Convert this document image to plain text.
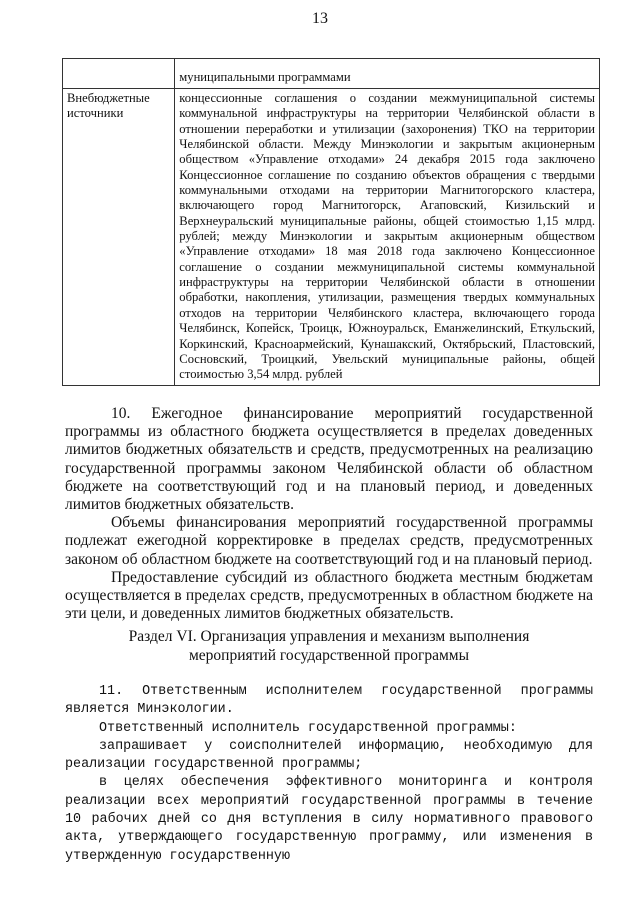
13

	муниципальными программами

Внебюджетные источники	концессионные соглашения о создании межмуниципальной системы коммунальной инфраструктуры на территории Челябинской области в отношении переработки и утилизации (захоронения) ТКО на территории Челябинской области. Между Минэкологии и закрытым акционерным обществом «Управление отходами» 24 декабря 2015 года заключено Концессионное соглашение по созданию объектов обращения с твердыми коммунальными отходами на территории Магнитогорского кластера, включающего город Магнитогорск, Агаповский, Кизильский и Верхнеуральский муниципальные районы, общей стоимостью 1,15 млрд. рублей; между Минэкологии и закрытым акционерным обществом «Управление отходами» 18 мая 2018 года заключено Концессионное соглашение о создании межмуниципальной системы коммунальной инфраструктуры на территории Челябинской области в отношении обработки, накопления, утилизации, размещения твердых коммунальных отходов на территории Челябинского кластера, включающего города Челябинск, Копейск, Троицк, Южноуральск, Еманжелинский, Еткульский, Коркинский, Красноармейский, Кунашакский, Октябрьский, Пластовский, Сосновский, Троицкий, Увельский муниципальные районы, общей стоимостью 3,54 млрд. рублей

10. Ежегодное финансирование мероприятий государственной программы из областного бюджета осуществляется в пределах доведенных лимитов бюджетных обязательств и средств, предусмотренных на реализацию государственной программы законом Челябинской области об областном бюджете на соответствующий год и на плановый период, и доведенных лимитов бюджетных обязательств.

Объемы финансирования мероприятий государственной программы подлежат ежегодной корректировке в пределах средств, предусмотренных законом об областном бюджете на соответствующий год и на плановый период.

Предоставление субсидий из областного бюджета местным бюджетам осуществляется в пределах средств, предусмотренных в областном бюджете на эти цели, и доведенных лимитов бюджетных обязательств.

Раздел VI. Организация управления и механизм выполнения
мероприятий государственной программы

11. Ответственным исполнителем государственной программы является Минэкологии.

Ответственный исполнитель государственной программы:

запрашивает у соисполнителей информацию, необходимую для реализации государственной программы;

в целях обеспечения эффективного мониторинга и контроля реализации всех мероприятий государственной программы в течение 10 рабочих дней со дня вступления в силу нормативного правового акта, утверждающего государственную программу, или изменения в утвержденную государственную
